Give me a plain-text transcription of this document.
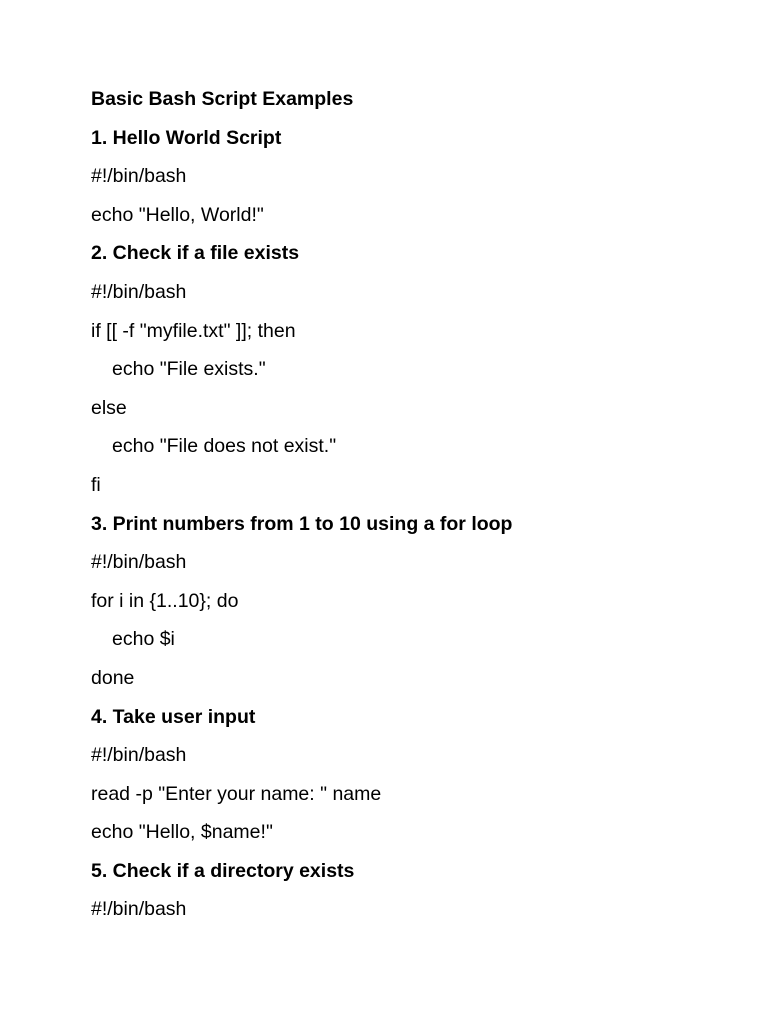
Basic Bash Script Examples
1. Hello World Script
#!/bin/bash
echo "Hello, World!"
2. Check if a file exists
#!/bin/bash
if [[ -f "myfile.txt" ]]; then
echo "File exists."
else
echo "File does not exist."
fi
3. Print numbers from 1 to 10 using a for loop
#!/bin/bash
for i in {1..10}; do
echo $i
done
4. Take user input
#!/bin/bash
read -p "Enter your name: " name
echo "Hello, $name!"
5. Check if a directory exists
#!/bin/bash
